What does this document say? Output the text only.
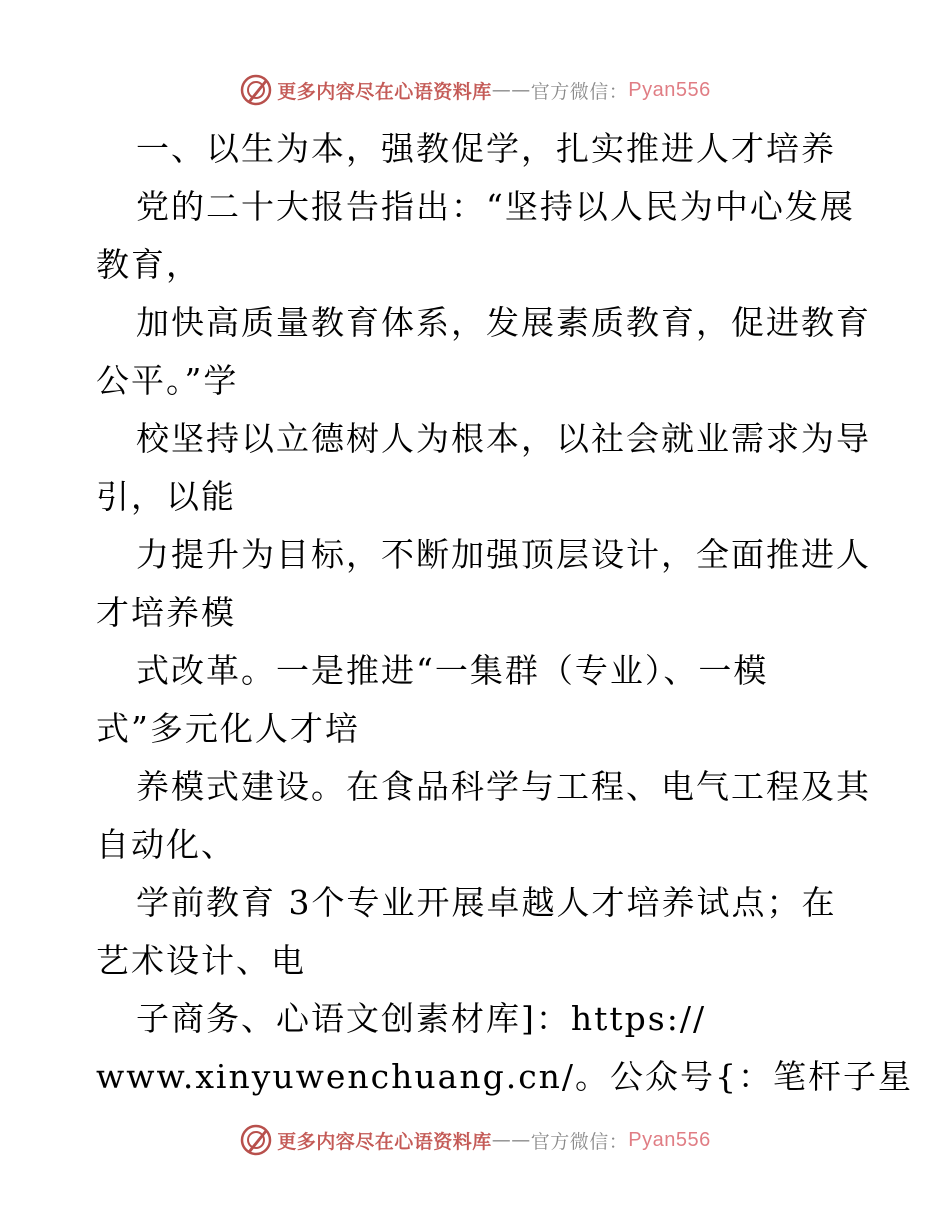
更多内容尽在心语资料库 —— 官方微信： Pyan556
一、以生为本，强教促学，扎实推进人才培养
党的二十大报告指出：“坚持以人民为中心发展
教育，
加快高质量教育体系，发展素质教育，促进教育
公平。”学
校坚持以立德树人为根本，以社会就业需求为导
引，以能
力提升为目标，不断加强顶层设计，全面推进人
才培养模
式改革。一是推进“一集群（专业）、一模
式”多元化人才培
养模式建设。在食品科学与工程、电气工程及其
自动化、
学前教育 3个专业开展卓越人才培养试点；在
艺术设计、电
子商务、心语文创素材库]：https://
www.xinyuwenchuang.cn/。公众号{：笔杆子星
更多内容尽在心语资料库 —— 官方微信： Pyan556
